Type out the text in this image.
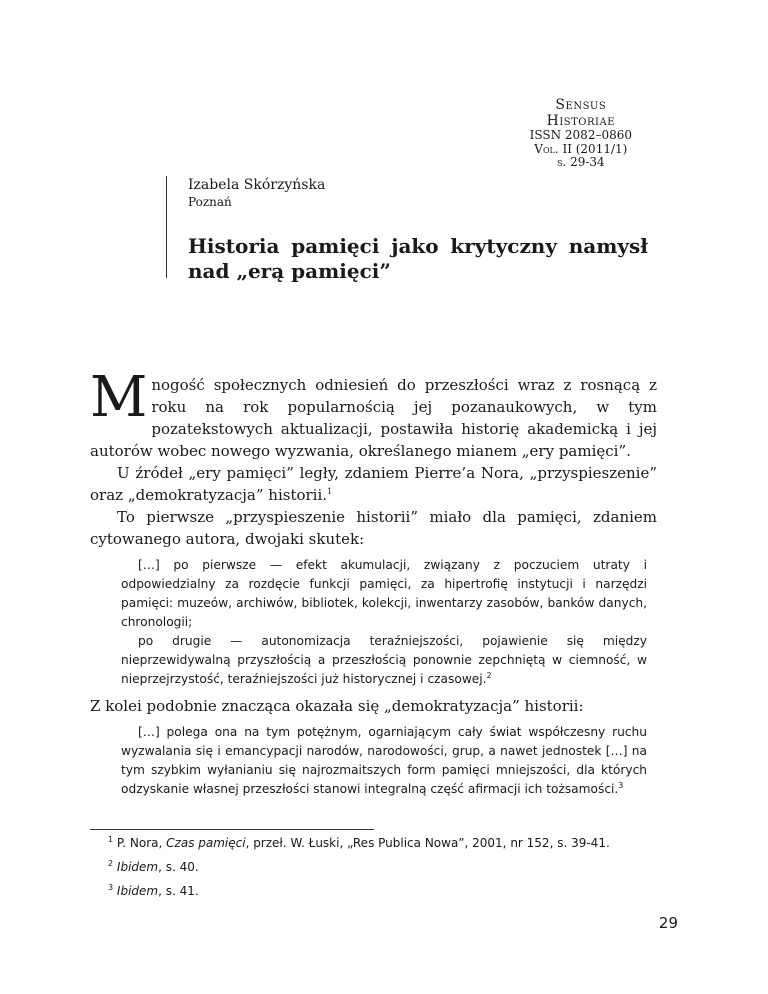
Sensus
Historiae
ISSN 2082–0860
Vol. II (2011/1)
s. 29-34
Izabela Skórzyńska
Poznań
Historia pamięci jako krytyczny namysł
nad „erą pamięci”

Mnogość społecznych odniesień do przeszłości wraz z rosnącą z roku na rok popularnością jej pozanaukowych, w tym pozatekstowych aktualizacji, postawiła historię akademicką i jej autorów wobec nowego wyzwania, określanego mianem „ery pamięci”.

U źródeł „ery pamięci” legły, zdaniem Pierre’a Nora, „przyspieszenie” oraz „demokratyzacja” historii.$^1$

To pierwsze „przyspieszenie historii” miało dla pamięci, zdaniem cytowanego autora, dwojaki skutek:

[…] po pierwsze — efekt akumulacji, związany z poczuciem utraty i odpowiedzialny za rozdęcie funkcji pamięci, za hipertrofię instytucji i narzędzi pamięci: muzeów, archiwów, bibliotek, kolekcji, inwentarzy zasobów, banków danych, chronologii;

po drugie — autonomizacja teraźniejszości, pojawienie się między nieprzewidywalną przyszłością a przeszłością ponownie zepchniętą w ciemność, w nieprzejrzystość, teraźniejszości już historycznej i czasowej.$^2$

Z kolei podobnie znacząca okazała się „demokratyzacja” historii:

[…] polega ona na tym potężnym, ogarniającym cały świat współczesny ruchu wyzwalania się i emancypacji narodów, narodowości, grup, a nawet jednostek […] na tym szybkim wyłanianiu się najrozmaitszych form pamięci mniejszości, dla których odzyskanie własnej przeszłości stanowi integralną część afirmacji ich tożsamości.$^3$

$^1$ P. Nora, Czas pamięci, przeł. W. Łuski, „Res Publica Nowa”, 2001, nr 152, s. 39-41.
$^2$ Ibidem, s. 40.
$^3$ Ibidem, s. 41.
29
